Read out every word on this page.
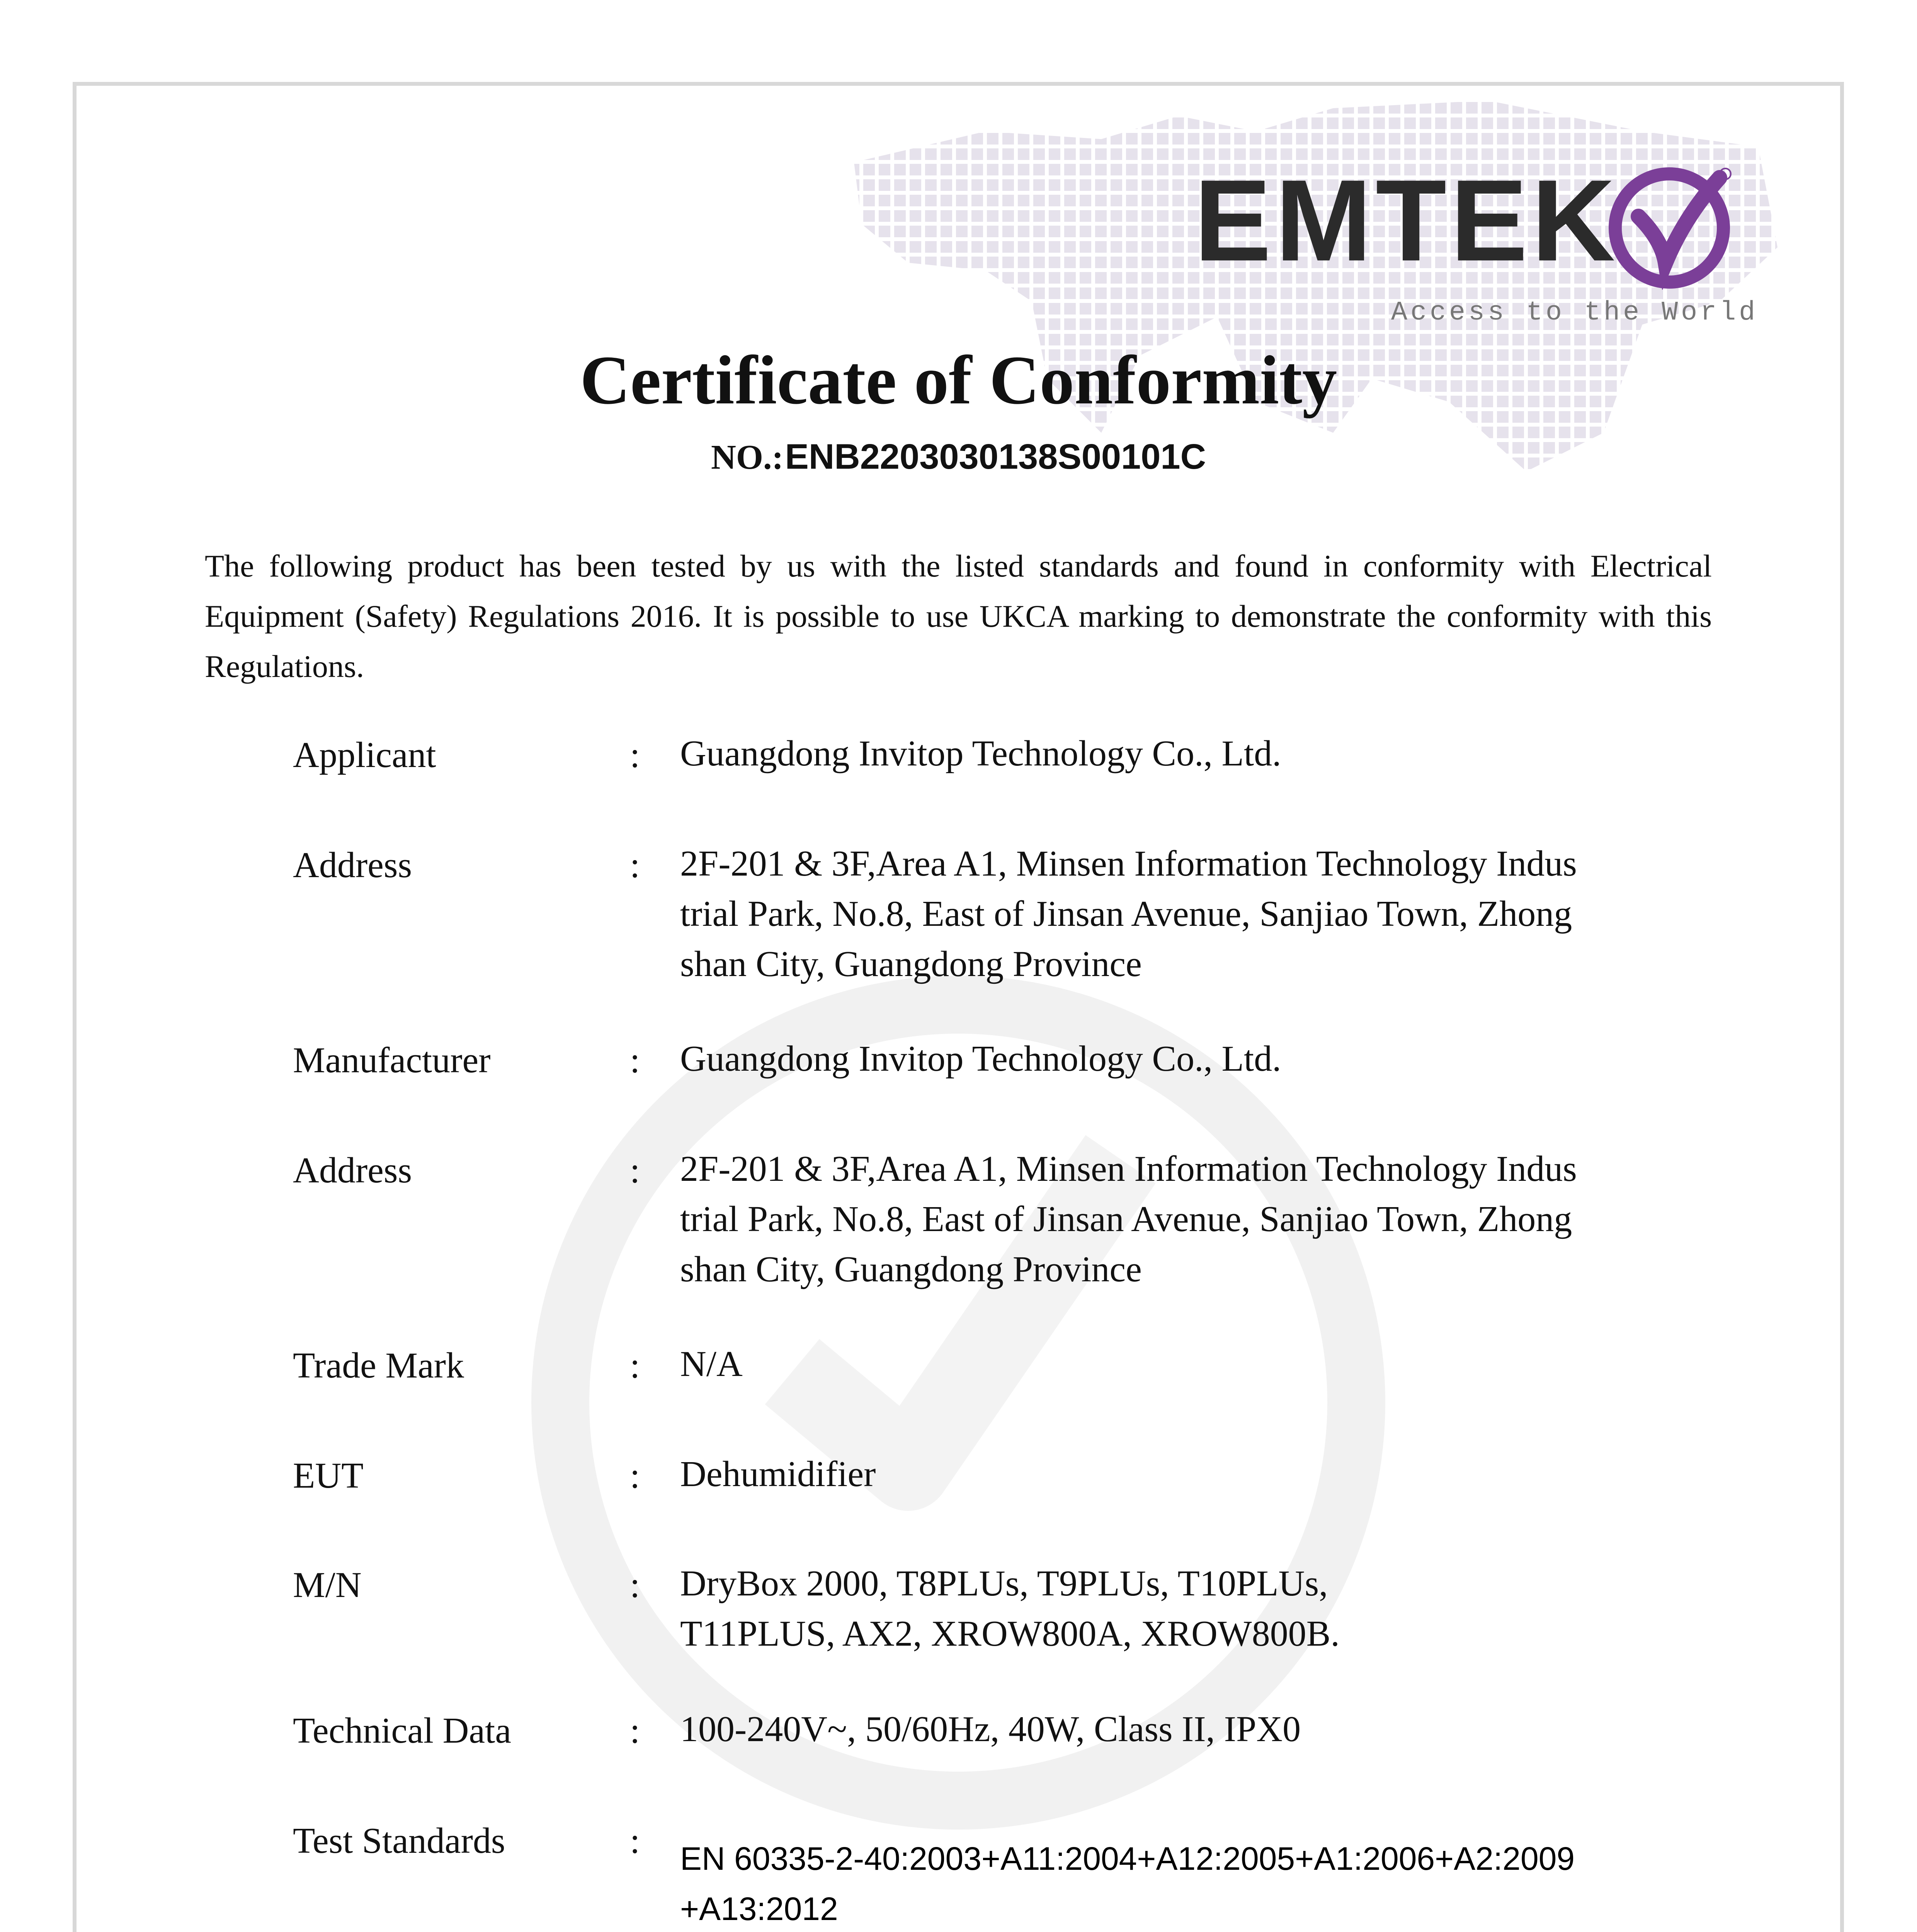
EMTEK
Access to the World
Certificate of Conformity
NO.: ENB2203030138S00101C
The following product has been tested by us with the listed standards and found in conformity with Electrical Equipment (Safety) Regulations 2016. It is possible to use UKCA marking to demonstrate the conformity with this Regulations.
Applicant	: Guangdong Invitop Technology Co., Ltd.
Address	: 2F-201 & 3F,Area A1, Minsen Information Technology Indus
trial Park, No.8, East of Jinsan Avenue, Sanjiao Town, Zhong
shan City, Guangdong Province
Manufacturer	: Guangdong Invitop Technology Co., Ltd.
Address	: 2F-201 & 3F,Area A1, Minsen Information Technology Indus
trial Park, No.8, East of Jinsan Avenue, Sanjiao Town, Zhong
shan City, Guangdong Province
Trade Mark	: N/A
EUT	: Dehumidifier
M/N	: DryBox 2000, T8PLUs, T9PLUs, T10PLUs,
T11PLUS, AX2, XROW800A, XROW800B.
Technical Data	: 100-240V~, 50/60Hz, 40W, Class II, IPX0
Test Standards	: EN 60335-2-40:2003+A11:2004+A12:2005+A1:2006+A2:2009
+A13:2012
